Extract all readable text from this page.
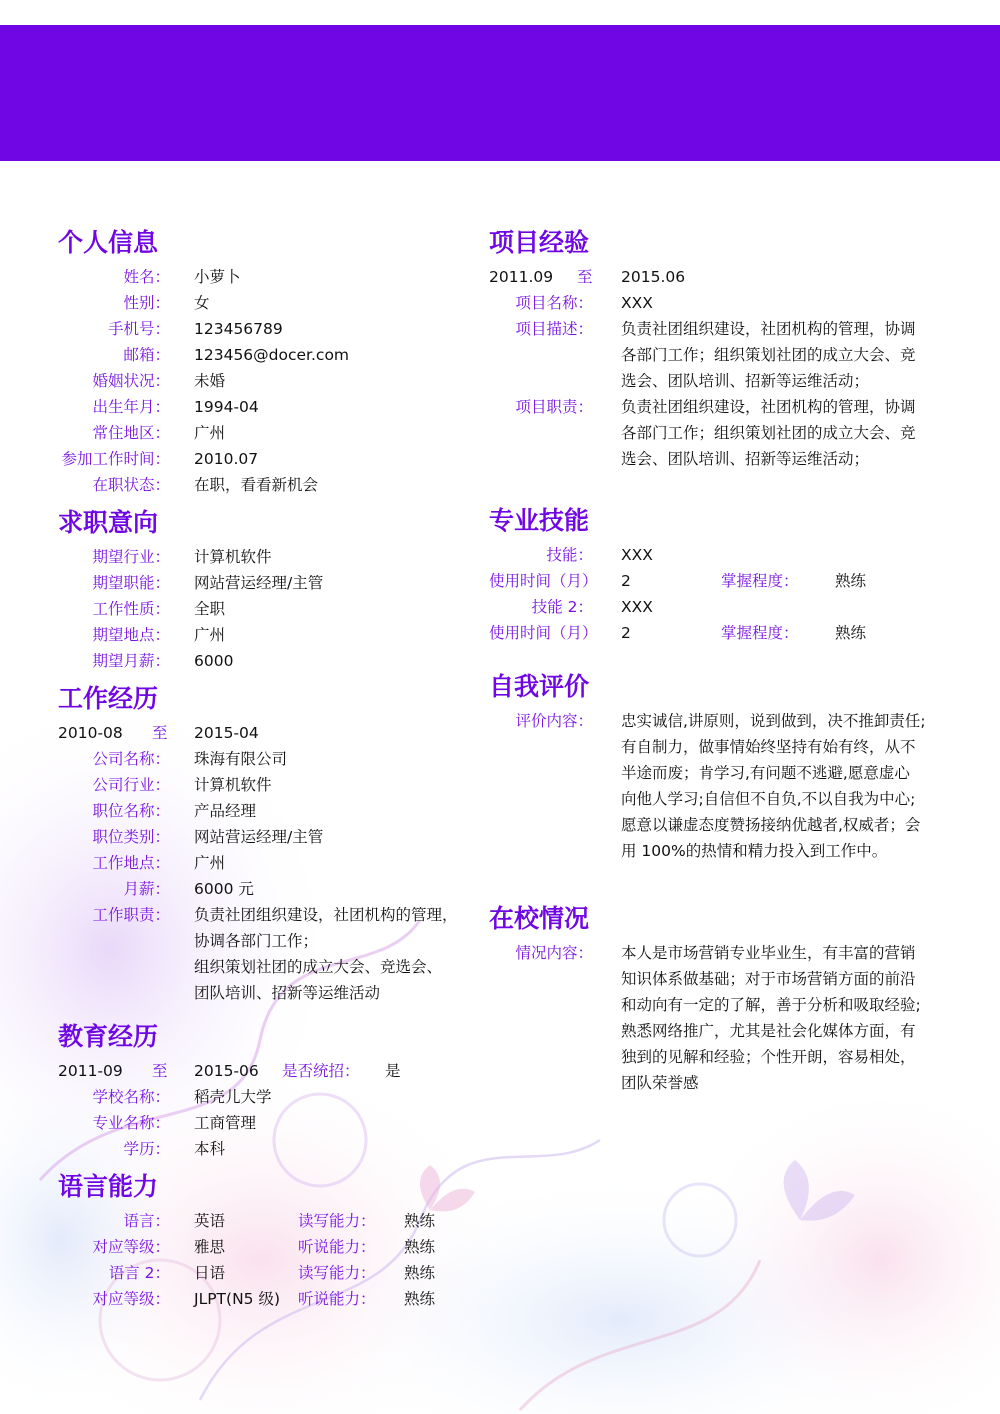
个人信息
姓名： 小萝卜
性别： 女
手机号： 123456789
邮箱： 123456@docer.com
婚姻状况： 未婚
出生年月： 1994-04
常住地区： 广州
参加工作时间： 2010.07
在职状态： 在职，看看新机会
求职意向
期望行业： 计算机软件
期望职能： 网站营运经理/主管
工作性质： 全职
期望地点： 广州
期望月薪： 6000
工作经历
2010-08 至 2015-04
公司名称： 珠海有限公司
公司行业： 计算机软件
职位名称： 产品经理
职位类别： 网站营运经理/主管
工作地点： 广州
月薪： 6000 元
工作职责： 负责社团组织建设，社团机构的管理，
协调各部门工作；
组织策划社团的成立大会、竞选会、
团队培训、招新等运维活动
教育经历
2011-09 至 2015-06 是否统招： 是
学校名称： 稻壳儿大学
专业名称： 工商管理
学历： 本科
语言能力
语言： 英语	读写能力： 熟练
对应等级： 雅思	听说能力： 熟练
语言 2： 日语	读写能力： 熟练
对应等级： JLPT(N5 级) 听说能力： 熟练
项目经验
2011.09 至 2015.06
项目名称： XXX
项目描述： 负责社团组织建设，社团机构的管理，协调
各部门工作；组织策划社团的成立大会、竞
选会、团队培训、招新等运维活动；
项目职责： 负责社团组织建设，社团机构的管理，协调
各部门工作；组织策划社团的成立大会、竞
选会、团队培训、招新等运维活动；
专业技能
技能： XXX
使用时间（月） 2	掌握程度： 熟练
技能 2： XXX
使用时间（月） 2	掌握程度： 熟练
自我评价
评价内容： 忠实诚信,讲原则，说到做到，决不推卸责任;
有自制力，做事情始终坚持有始有终，从不
半途而废；肯学习,有问题不逃避,愿意虚心
向他人学习;自信但不自负,不以自我为中心;
愿意以谦虚态度赞扬接纳优越者,权威者；会
用 100%的热情和精力投入到工作中。
在校情况
情况内容： 本人是市场营销专业毕业生，有丰富的营销
知识体系做基础；对于市场营销方面的前沿
和动向有一定的了解，善于分析和吸取经验;
熟悉网络推广，尤其是社会化媒体方面，有
独到的见解和经验；个性开朗，容易相处，
团队荣誉感
